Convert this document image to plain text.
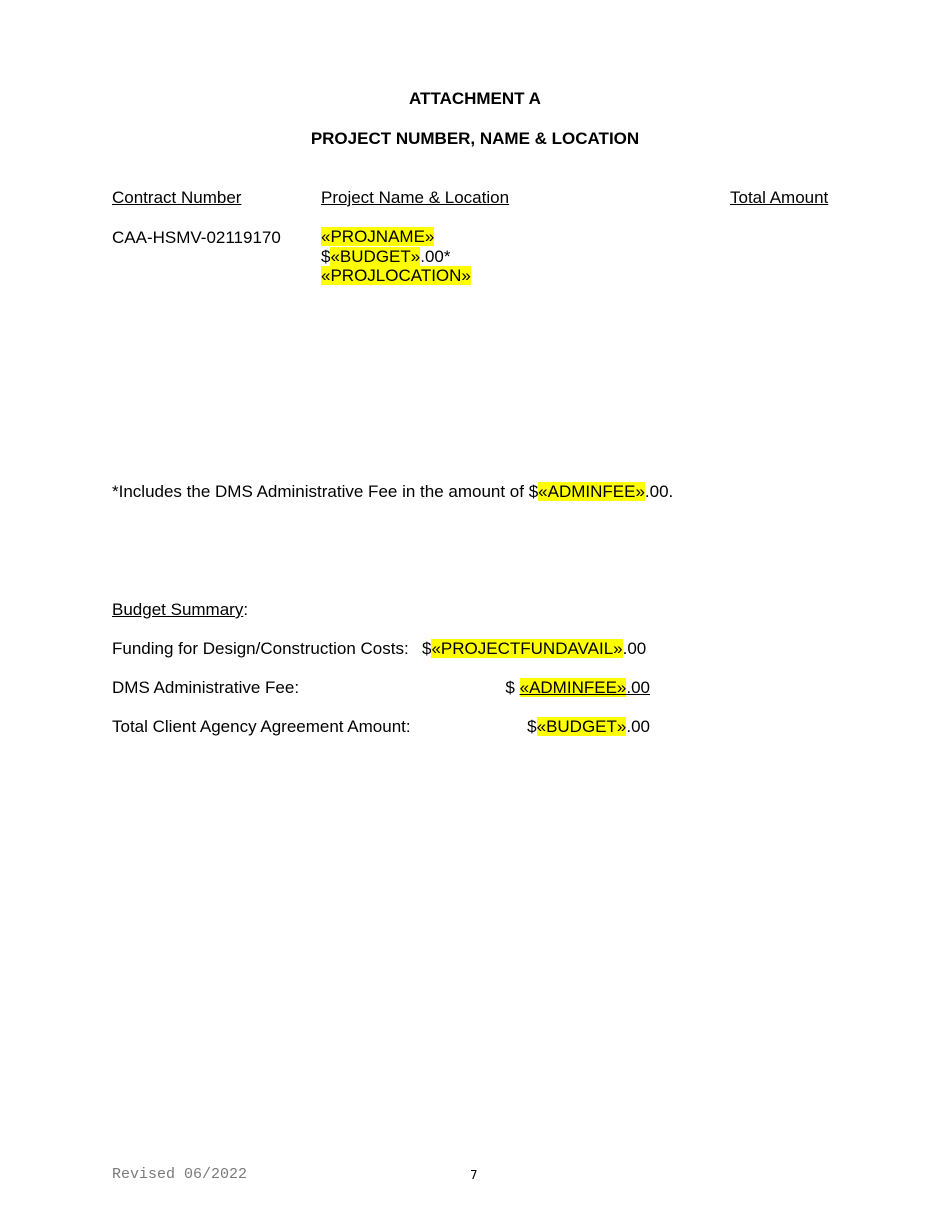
ATTACHMENT A
PROJECT NUMBER, NAME & LOCATION
Contract Number	Project Name & Location	Total Amount
CAA-HSMV-02119170 «PROJNAME»
$«BUDGET».00*
«PROJLOCATION»
*Includes the DMS Administrative Fee in the amount of $«ADMINFEE».00.
Budget Summary:
Funding for Design/Construction Costs: $«PROJECTFUNDAVAIL».00
DMS Administrative Fee:	$ «ADMINFEE».00
Total Client Agency Agreement Amount:	$«BUDGET».00
Revised 06/2022	7
